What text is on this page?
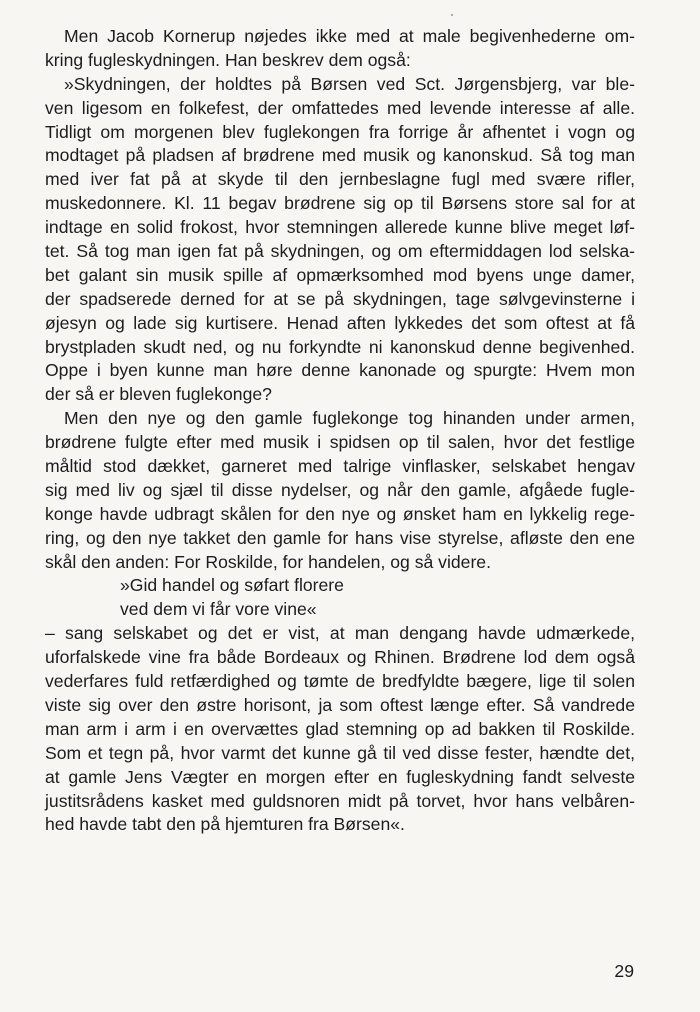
Men Jacob Kornerup nøjedes ikke med at male begivenhederne om-
kring fugleskydningen. Han beskrev dem også:
»Skydningen, der holdtes på Børsen ved Sct. Jørgensbjerg, var ble-
ven ligesom en folkefest, der omfattedes med levende interesse af alle.
Tidligt om morgenen blev fuglekongen fra forrige år afhentet i vogn og
modtaget på pladsen af brødrene med musik og kanonskud. Så tog man
med iver fat på at skyde til den jernbeslagne fugl med svære rifler,
muskedonnere. Kl. 11 begav brødrene sig op til Børsens store sal for at
indtage en solid frokost, hvor stemningen allerede kunne blive meget løf-
tet. Så tog man igen fat på skydningen, og om eftermiddagen lod selska-
bet galant sin musik spille af opmærksomhed mod byens unge damer,
der spadserede derned for at se på skydningen, tage sølvgevinsterne i
øjesyn og lade sig kurtisere. Henad aften lykkedes det som oftest at få
brystpladen skudt ned, og nu forkyndte ni kanonskud denne begivenhed.
Oppe i byen kunne man høre denne kanonade og spurgte: Hvem mon
der så er bleven fuglekonge?
Men den nye og den gamle fuglekonge tog hinanden under armen,
brødrene fulgte efter med musik i spidsen op til salen, hvor det festlige
måltid stod dækket, garneret med talrige vinflasker, selskabet hengav
sig med liv og sjæl til disse nydelser, og når den gamle, afgåede fugle-
konge havde udbragt skålen for den nye og ønsket ham en lykkelig rege-
ring, og den nye takket den gamle for hans vise styrelse, afløste den ene
skål den anden: For Roskilde, for handelen, og så videre.
»Gid handel og søfart florere
ved dem vi får vore vine«
– sang selskabet og det er vist, at man dengang havde udmærkede,
uforfalskede vine fra både Bordeaux og Rhinen. Brødrene lod dem også
vederfares fuld retfærdighed og tømte de bredfyldte bægere, lige til solen
viste sig over den østre horisont, ja som oftest længe efter. Så vandrede
man arm i arm i en overvættes glad stemning op ad bakken til Roskilde.
Som et tegn på, hvor varmt det kunne gå til ved disse fester, hændte det,
at gamle Jens Vægter en morgen efter en fugleskydning fandt selveste
justitsrådens kasket med guldsnoren midt på torvet, hvor hans velbåren-
hed havde tabt den på hjemturen fra Børsen«.
29
